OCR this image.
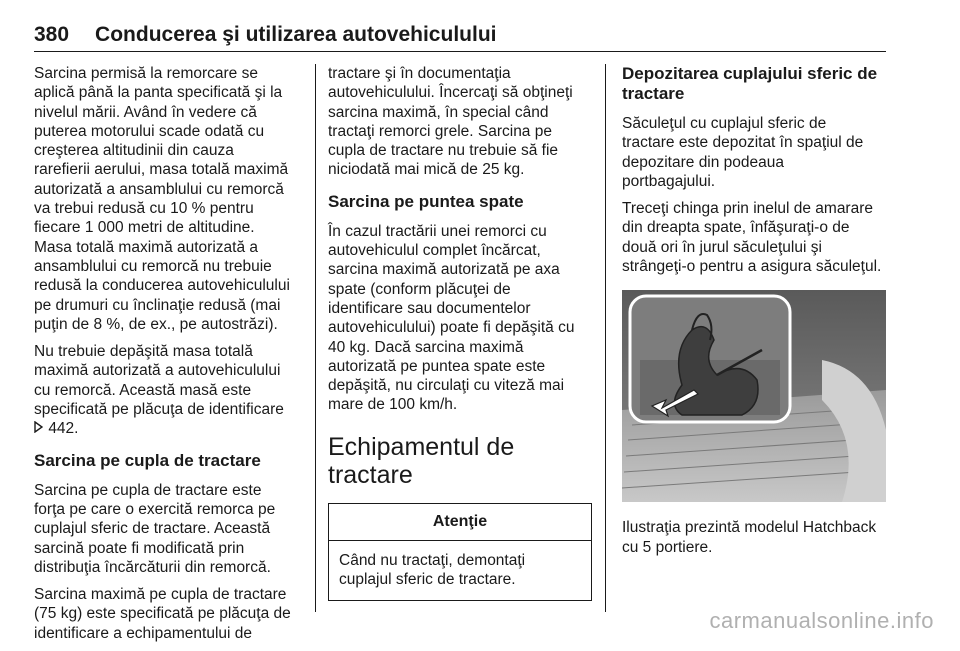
380 Conducerea şi utilizarea autovehiculului

Sarcina permisă la remorcare se
aplică până la panta specificată şi la
nivelul mării. Având în vedere că
puterea motorului scade odată cu
creşterea altitudinii din cauza
rarefierii aerului, masa totală maximă
autorizată a ansamblului cu remorcă
va trebui redusă cu 10 % pentru
fiecare 1 000 metri de altitudine.
Masa totală maximă autorizată a
ansamblului cu remorcă nu trebuie
redusă la conducerea autovehiculului
pe drumuri cu înclinaţie redusă (mai
puţin de 8 %, de ex., pe autostrăzi).

Nu trebuie depăşită masa totală
maximă autorizată a autovehiculului
cu remorcă. Această masă este
specificată pe plăcuţa de identificare
442.

Sarcina pe cupla de tractare

Sarcina pe cupla de tractare este
forţa pe care o exercită remorca pe
cuplajul sferic de tractare. Această
sarcină poate fi modificată prin
distribuţia încărcăturii din remorcă.

Sarcina maximă pe cupla de tractare
(75 kg) este specificată pe plăcuţa de
identificare a echipamentului de

tractare şi în documentaţia
autovehiculului. Încercaţi să obţineţi
sarcina maximă, în special când
tractaţi remorci grele. Sarcina pe
cupla de tractare nu trebuie să fie
niciodată mai mică de 25 kg.

Sarcina pe puntea spate

În cazul tractării unei remorci cu
autovehiculul complet încărcat,
sarcina maximă autorizată pe axa
spate (conform plăcuţei de
identificare sau documentelor
autovehiculului) poate fi depăşită cu
40 kg. Dacă sarcina maximă
autorizată pe puntea spate este
depăşită, nu circulaţi cu viteză mai
mare de 100 km/h.

Echipamentul de tractare
Atenţie
Când nu tractaţi, demontaţi
cuplajul sferic de tractare.
Depozitarea cuplajului sferic de
tractare

Săculeţul cu cuplajul sferic de
tractare este depozitat în spaţiul de
depozitare din podeaua
portbagajului.

Treceţi chinga prin inelul de amarare
din dreapta spate, înfăşuraţi-o de
două ori în jurul săculeţului şi
strângeţi-o pentru a asigura săculeţul.

Ilustraţia prezintă modelul Hatchback
cu 5 portiere.

carmanualsonline.info
